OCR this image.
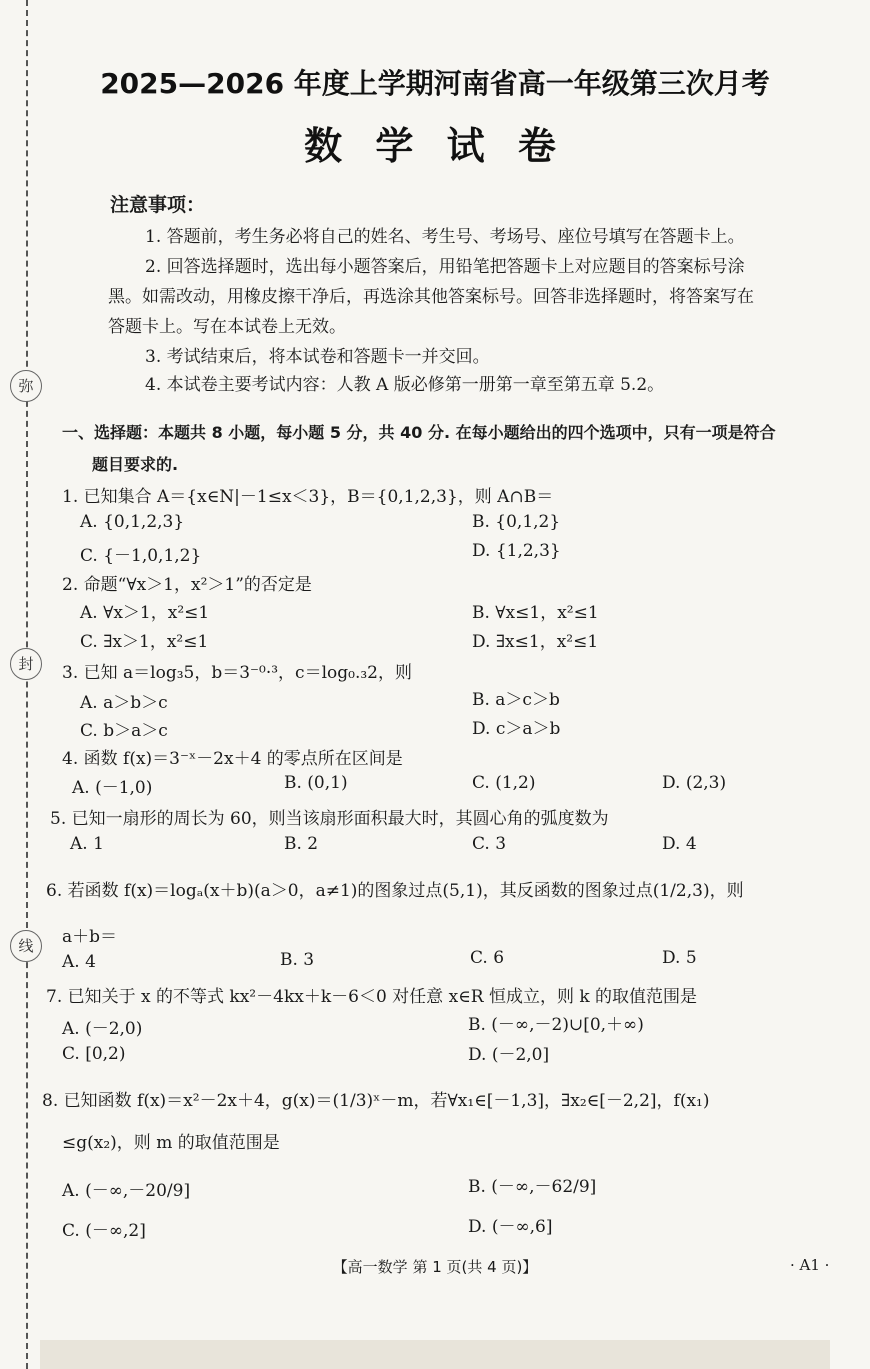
弥
封
线
2025—2026 年度上学期河南省高一年级第三次月考
数 学 试 卷
注意事项：
1. 答题前，考生务必将自己的姓名、考生号、考场号、座位号填写在答题卡上。
2. 回答选择题时，选出每小题答案后，用铅笔把答题卡上对应题目的答案标号涂
黑。如需改动，用橡皮擦干净后，再选涂其他答案标号。回答非选择题时，将答案写在
答题卡上。写在本试卷上无效。
3. 考试结束后，将本试卷和答题卡一并交回。
4. 本试卷主要考试内容：人教 A 版必修第一册第一章至第五章 5.2。
一、选择题：本题共 8 小题，每小题 5 分，共 40 分. 在每小题给出的四个选项中，只有一项是符合
题目要求的.
1. 已知集合 A＝{x∈N|－1≤x＜3}，B＝{0,1,2,3}，则 A∩B＝
A. {0,1,2,3}	B. {0,1,2}
C. {－1,0,1,2}	D. {1,2,3}
2. 命题“∀x＞1，x²＞1”的否定是
A. ∀x＞1，x²≤1	B. ∀x≤1，x²≤1
C. ∃x＞1，x²≤1	D. ∃x≤1，x²≤1
3. 已知 a＝log₃5，b＝3⁻⁰·³，c＝log₀.₃2，则
A. a＞b＞c	B. a＞c＞b
C. b＞a＞c	D. c＞a＞b
4. 函数 f(x)＝3⁻ˣ－2x＋4 的零点所在区间是
A. (－1,0)	B. (0,1)	C. (1,2)	D. (2,3)
5. 已知一扇形的周长为 60，则当该扇形面积最大时，其圆心角的弧度数为
A. 1	B. 2	C. 3	D. 4
6. 若函数 f(x)＝logₐ(x＋b)(a＞0，a≠1)的图象过点(5,1)，其反函数的图象过点(1/2,3)，则
a＋b＝
A. 4	B. 3	C. 6	D. 5
7. 已知关于 x 的不等式 kx²－4kx＋k－6＜0 对任意 x∈R 恒成立，则 k 的取值范围是
A. (－2,0)	B. (－∞,－2)∪[0,＋∞)
C. [0,2)	D. (－2,0]
8. 已知函数 f(x)＝x²－2x＋4，g(x)＝(1/3)ˣ－m，若∀x₁∈[－1,3]，∃x₂∈[－2,2]，f(x₁)
≤g(x₂)，则 m 的取值范围是
A. (－∞,－20/9]	B. (－∞,－62/9]
C. (－∞,2]	D. (－∞,6]
【高一数学 第 1 页(共 4 页)】	· A1 ·
